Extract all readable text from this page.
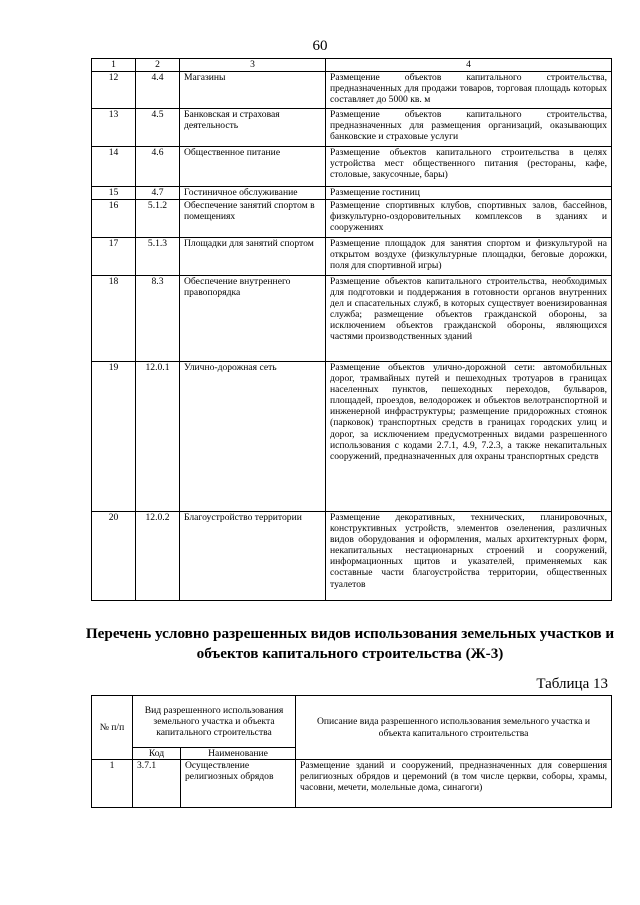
60
1	2	3	4
12	4.4	Магазины	Размещение объектов капитального строительства, предназначенных для продажи товаров, торговая площадь которых составляет до 5000 кв. м
13	4.5	Банковская и страховая деятельность	Размещение объектов капитального строительства, предназначенных для размещения организаций, оказывающих банковские и страховые услуги
14	4.6	Общественное питание	Размещение объектов капитального строительства в целях устройства мест общественного питания (рестораны, кафе, столовые, закусочные, бары)
15	4.7	Гостиничное обслуживание	Размещение гостиниц
16	5.1.2	Обеспечение занятий спортом в помещениях	Размещение спортивных клубов, спортивных залов, бассейнов, физкультурно-оздоровительных комплексов в зданиях и сооружениях
17	5.1.3	Площадки для занятий спортом	Размещение площадок для занятия спортом и физкультурой на открытом воздухе (физкультурные площадки, беговые дорожки, поля для спортивной игры)
18	8.3	Обеспечение внутреннего правопорядка	Размещение объектов капитального строительства, необходимых для подготовки и поддержания в готовности органов внутренних дел и спасательных служб, в которых существует военизированная служба; размещение объектов гражданской обороны, за исключением объектов гражданской обороны, являющихся частями производственных зданий
19	12.0.1	Улично-дорожная сеть	Размещение объектов улично-дорожной сети: автомобильных дорог, трамвайных путей и пешеходных тротуаров в границах населенных пунктов, пешеходных переходов, бульваров, площадей, проездов, велодорожек и объектов велотранспортной и инженерной инфраструктуры; размещение придорожных стоянок (парковок) транспортных средств в границах городских улиц и дорог, за исключением предусмотренных видами разрешенного использования с кодами 2.7.1, 4.9, 7.2.3, а также некапитальных сооружений, предназначенных для охраны транспортных средств
20	12.0.2	Благоустройство территории	Размещение декоративных, технических, планировочных, конструктивных устройств, элементов озеленения, различных видов оборудования и оформления, малых архитектурных форм, некапитальных нестационарных строений и сооружений, информационных щитов и указателей, применяемых как составные части благоустройства территории, общественных туалетов
Перечень условно разрешенных видов использования земельных участков и объектов капитального строительства (Ж-3)
Таблица 13
№ п/п	Вид разрешенного использования земельного участка и объекта капитального строительства		Описание вида разрешенного использования земельного участка и объекта капитального строительства
	Код	Наименование	
1	3.7.1	Осуществление религиозных обрядов	Размещение зданий и сооружений, предназначенных для совершения религиозных обрядов и церемоний (в том числе церкви, соборы, храмы, часовни, мечети, молельные дома, синагоги)
